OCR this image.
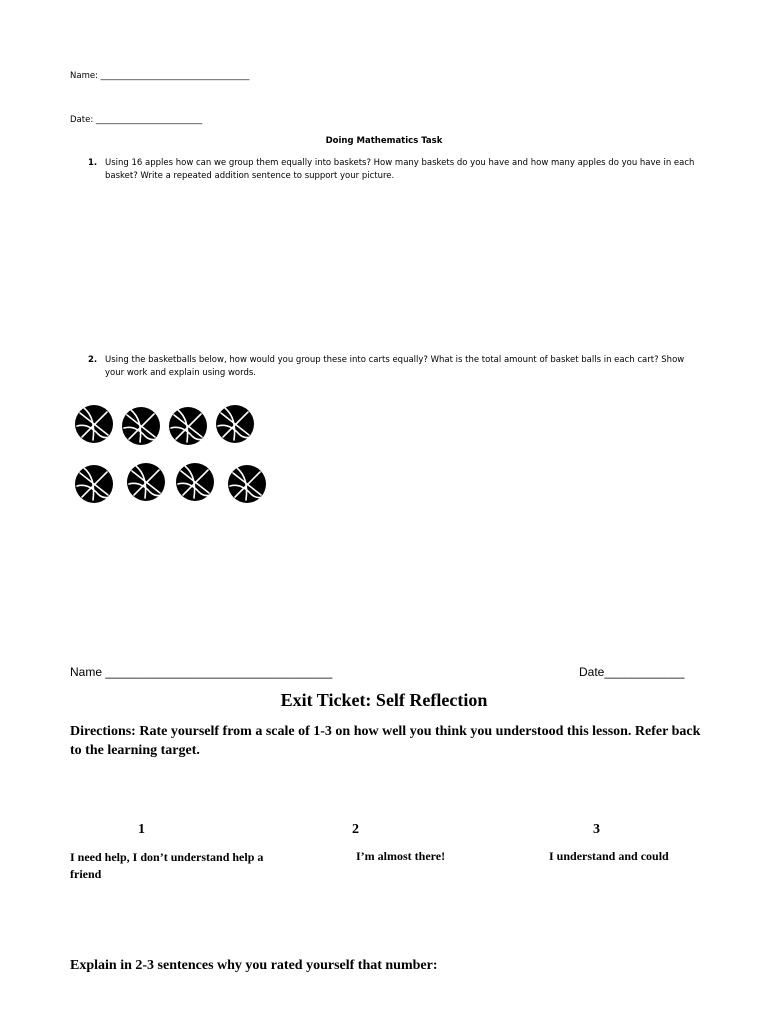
Name: ___________________________________
Date: _________________________
Doing Mathematics Task
1. Using 16 apples how can we group them equally into baskets? How many baskets do you have and how many apples do you have in each basket? Write a repeated addition sentence to support your picture.
2. Using the basketballs below, how would you group these into carts equally? What is the total amount of basket balls in each cart? Show your work and explain using words.
Name __________________________________	Date____________
Exit Ticket: Self Reflection
Directions: Rate yourself from a scale of 1-3 on how well you think you understood this lesson. Refer back to the learning target.
1
I need help, I don’t understand help a friend
2
I’m almost there!
3
I understand and could
Explain in 2-3 sentences why you rated yourself that number:
